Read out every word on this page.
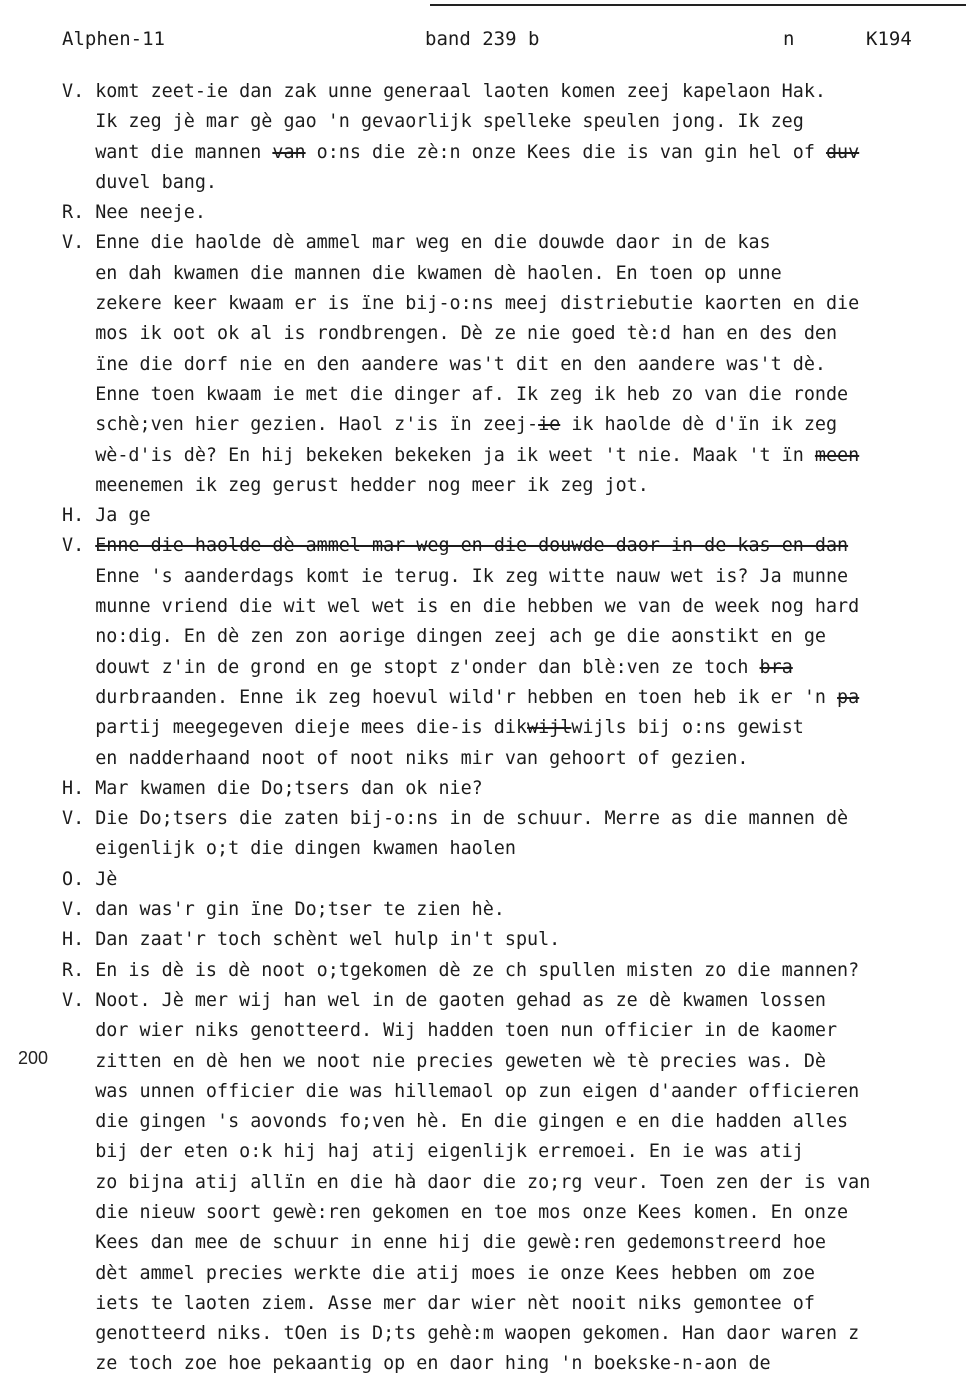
Alphen-11	band 239 b	n	K194
200
V. komt zeet-ie dan zak unne generaal laoten komen zeej kapelaon Hak.
Ik zeg jè mar gè gao 'n gevaorlijk spelleke speulen jong. Ik zeg
want die mannen van o:ns die zè:n onze Kees die is van gin hel of duv
duvel bang.
R. Nee neeje.
V. Enne die haolde dè ammel mar weg en die douwde daor in de kas
en dah kwamen die mannen die kwamen dè haolen. En toen op unne
zekere keer kwaam er is ïne bij-o:ns meej distriebutie kaorten en die
mos ik oot ok al is rondbrengen. Dè ze nie goed tè:d han en des den
ïne die dorf nie en den aandere was't dit en den aandere was't dè.
Enne toen kwaam ie met die dinger af. Ik zeg ik heb zo van die ronde
schè;ven hier gezien. Haol z'is ïn zeej-ie ik haolde dè d'ïn ik zeg
wè-d'is dè? En hij bekeken bekeken ja ik weet 't nie. Maak 't ïn meen
meenemen ik zeg gerust hedder nog meer ik zeg jot.
H. Ja ge
V. Enne die haolde dè ammel-mar weg en die douwde daor in de kas en dan
Enne 's aanderdags komt ie terug. Ik zeg witte nauw wet is? Ja munne
munne vriend die wit wel wet is en die hebben we van de week nog hard
no:dig. En dè zen zon aorige dingen zeej ach ge die aonstikt en ge
douwt z'in de grond en ge stopt z'onder dan blè:ven ze toch bra
durbraanden. Enne ik zeg hoevul wild'r hebben en toen heb ik er 'n pa
partij meegegeven dieje mees die-is dikwijlwijls bij o:ns gewist
en nadderhaand noot of noot niks mir van gehoort of gezien.
H. Mar kwamen die Do;tsers dan ok nie?
V. Die Do;tsers die zaten bij-o:ns in de schuur. Merre as die mannen dè
eigenlijk o;t die dingen kwamen haolen
O. Jè
V. dan was'r gin ïne Do;tser te zien hè.
H. Dan zaat'r toch schènt wel hulp in't spul.
R. En is dè is dè noot o;tgekomen dè ze ch spullen misten zo die mannen?
V. Noot. Jè mer wij han wel in de gaoten gehad as ze dè kwamen lossen
dor wier niks genotteerd. Wij hadden toen nun officier in de kaomer
zitten en dè hen we noot nie precies geweten wè tè precies was. Dè
was unnen officier die was hillemaol op zun eigen d'aander officieren
die gingen 's aovonds fo;ven hè. En die gingen e en die hadden alles
bij der eten o:k hij haj atij eigenlijk erremoei. En ie was atij
zo bijna atij allïn en die hà daor die zo;rg veur. Toen zen der is van
die nieuw soort gewè:ren gekomen en toe mos onze Kees komen. En onze
Kees dan mee de schuur in enne hij die gewè:ren gedemonstreerd hoe
dèt ammel precies werkte die atij moes ie onze Kees hebben om zoe
iets te laoten ziem. Asse mer dar wier nèt nooit niks gemontee of
genotteerd niks. tOen is D;ts gehè:m waopen gekomen. Han daor waren z
ze toch zoe hoe pekaantig op en daor hing 'n boekske-n-aon de
